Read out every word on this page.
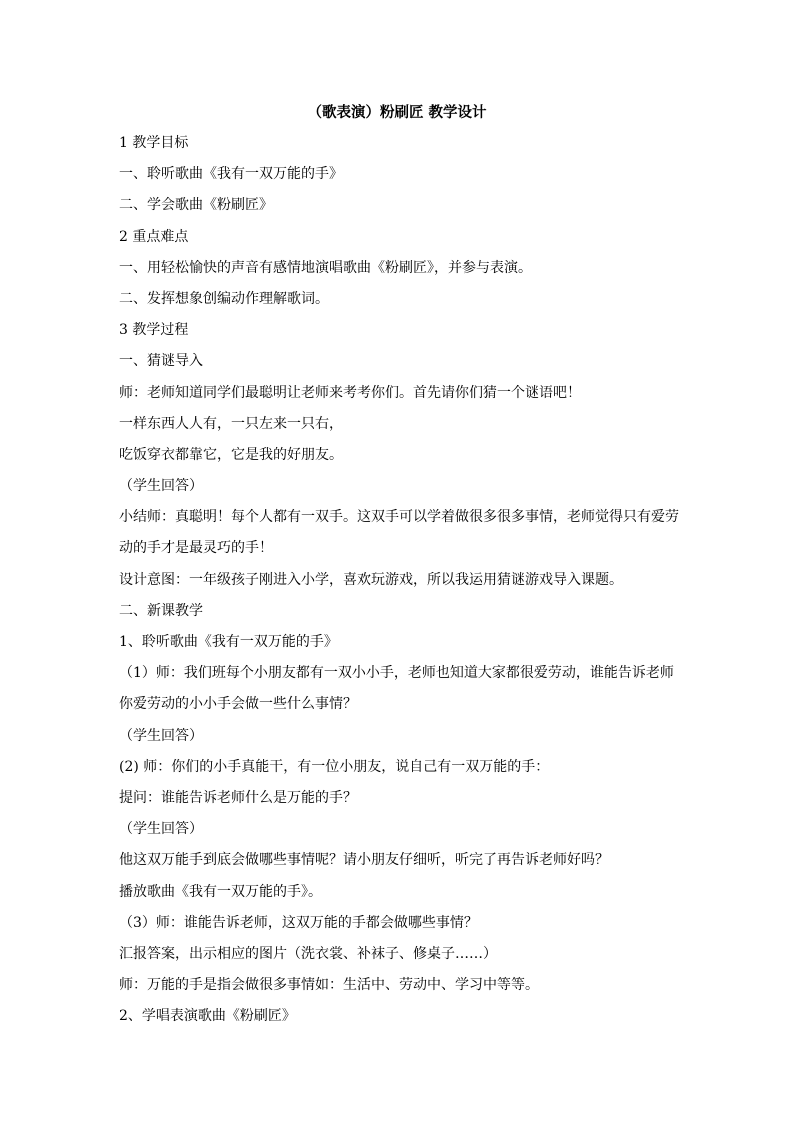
（歌表演）粉刷匠 教学设计
1 教学目标
一、聆听歌曲《我有一双万能的手》
二、学会歌曲《粉刷匠》
2 重点难点
一、用轻松愉快的声音有感情地演唱歌曲《粉刷匠》，并参与表演。
二、发挥想象创编动作理解歌词。
3 教学过程
一、猜谜导入
师：老师知道同学们最聪明让老师来考考你们。首先请你们猜一个谜语吧！
一样东西人人有，一只左来一只右，
吃饭穿衣都靠它，它是我的好朋友。
（学生回答）
小结师：真聪明！每个人都有一双手。这双手可以学着做很多很多事情，老师觉得只有爱劳
动的手才是最灵巧的手！
设计意图：一年级孩子刚进入小学，喜欢玩游戏，所以我运用猜谜游戏导入课题。
二、新课教学
1、聆听歌曲《我有一双万能的手》
（1）师：我们班每个小朋友都有一双小小手，老师也知道大家都很爱劳动，谁能告诉老师
你爱劳动的小小手会做一些什么事情？
（学生回答）
(2) 师：你们的小手真能干，有一位小朋友，说自己有一双万能的手：
提问：谁能告诉老师什么是万能的手？
（学生回答）
他这双万能手到底会做哪些事情呢？请小朋友仔细听，听完了再告诉老师好吗？
播放歌曲《我有一双万能的手》。
（3）师：谁能告诉老师，这双万能的手都会做哪些事情？
汇报答案，出示相应的图片（洗衣裳、补袜子、修桌子……）
师：万能的手是指会做很多事情如：生活中、劳动中、学习中等等。
2、学唱表演歌曲《粉刷匠》
